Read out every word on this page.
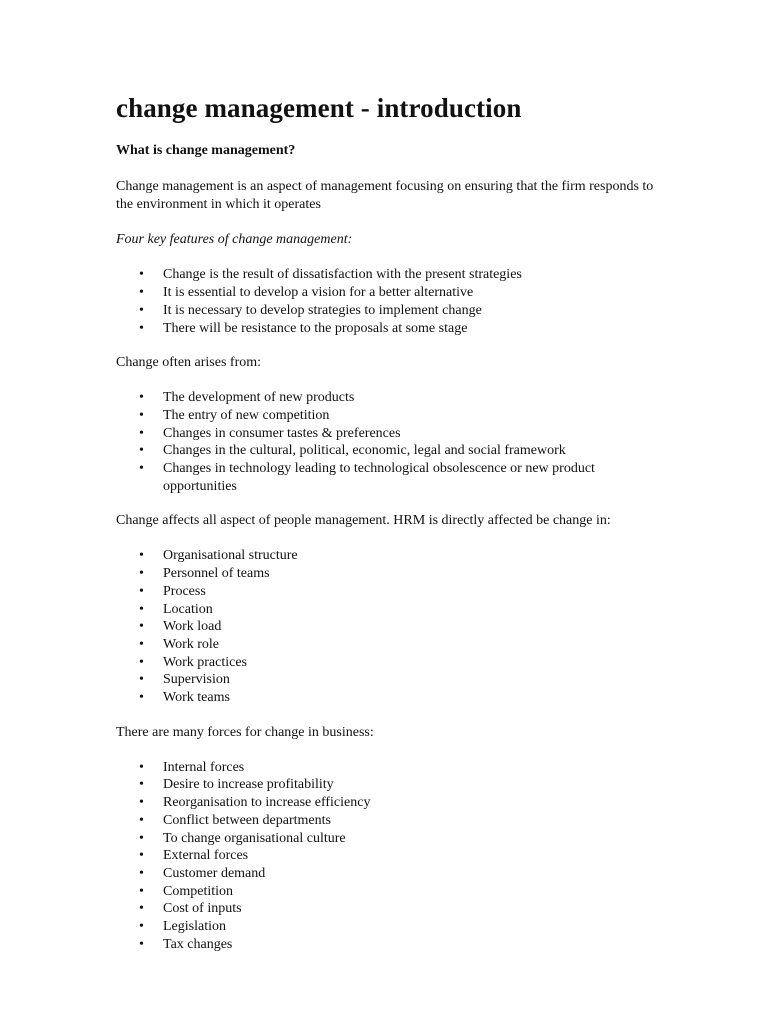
change management - introduction
What is change management?

Change management is an aspect of management focusing on ensuring that the firm responds to the environment in which it operates

Four key features of change management:

• Change is the result of dissatisfaction with the present strategies
• It is essential to develop a vision for a better alternative
• It is necessary to develop strategies to implement change
• There will be resistance to the proposals at some stage

Change often arises from:

• The development of new products
• The entry of new competition
• Changes in consumer tastes & preferences
• Changes in the cultural, political, economic, legal and social framework
• Changes in technology leading to technological obsolescence or new product opportunities

Change affects all aspect of people management. HRM is directly affected be change in:

• Organisational structure
• Personnel of teams
• Process
• Location
• Work load
• Work role
• Work practices
• Supervision
• Work teams

There are many forces for change in business:

• Internal forces
• Desire to increase profitability
• Reorganisation to increase efficiency
• Conflict between departments
• To change organisational culture
• External forces
• Customer demand
• Competition
• Cost of inputs
• Legislation
• Tax changes
